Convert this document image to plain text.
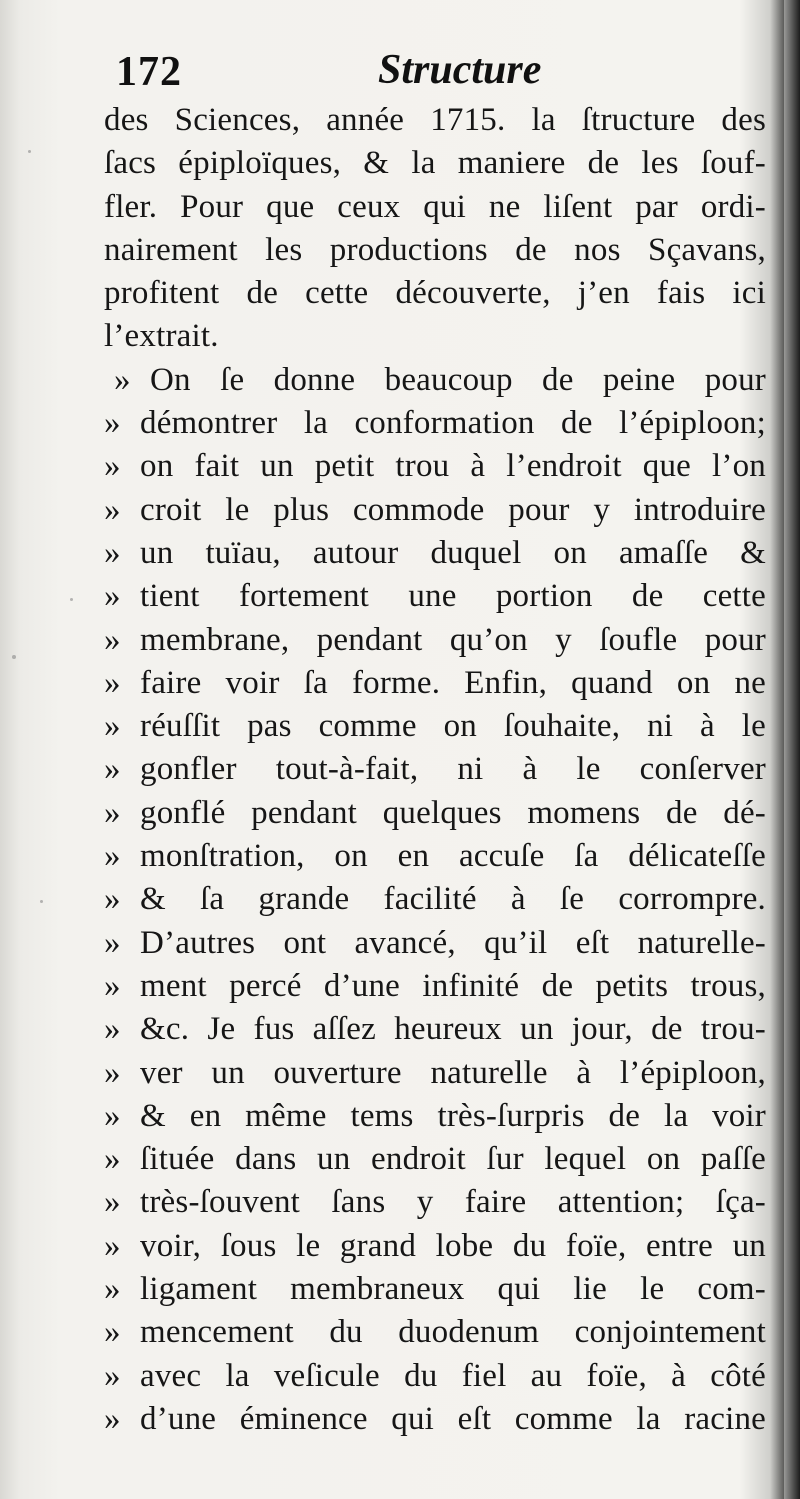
172	Structure
des Sciences, année 1715. la ſtructure des
ſacs épiploïques, & la maniere de les ſouf-
fler. Pour que ceux qui ne liſent par ordi-
nairement les productions de nos Sçavans,
profitent de cette découverte, j’en fais ici
l’extrait.
» On ſe donne beaucoup de peine pour
» démontrer la conformation de l’épiploon;
» on fait un petit trou à l’endroit que l’on
» croit le plus commode pour y introduire
» un tuïau, autour duquel on amaſſe &
» tient fortement une portion de cette
» membrane, pendant qu’on y ſoufle pour
» faire voir ſa forme. Enfin, quand on ne
» réuſſit pas comme on ſouhaite, ni à le
» gonfler tout-à-fait, ni à le conſerver
» gonflé pendant quelques momens de dé-
» monſtration, on en accuſe ſa délicateſſe
» & ſa grande facilité à ſe corrompre.
» D’autres ont avancé, qu’il eſt naturelle-
» ment percé d’une infinité de petits trous,
» &c. Je fus aſſez heureux un jour, de trou-
» ver un ouverture naturelle à l’épiploon,
» & en même tems très-ſurpris de la voir
» ſituée dans un endroit ſur lequel on paſſe
» très-ſouvent ſans y faire attention; ſça-
» voir, ſous le grand lobe du foïe, entre un
» ligament membraneux qui lie le com-
» mencement du duodenum conjointement
» avec la veſicule du fiel au foïe, à côté
» d’une éminence qui eſt comme la racine
